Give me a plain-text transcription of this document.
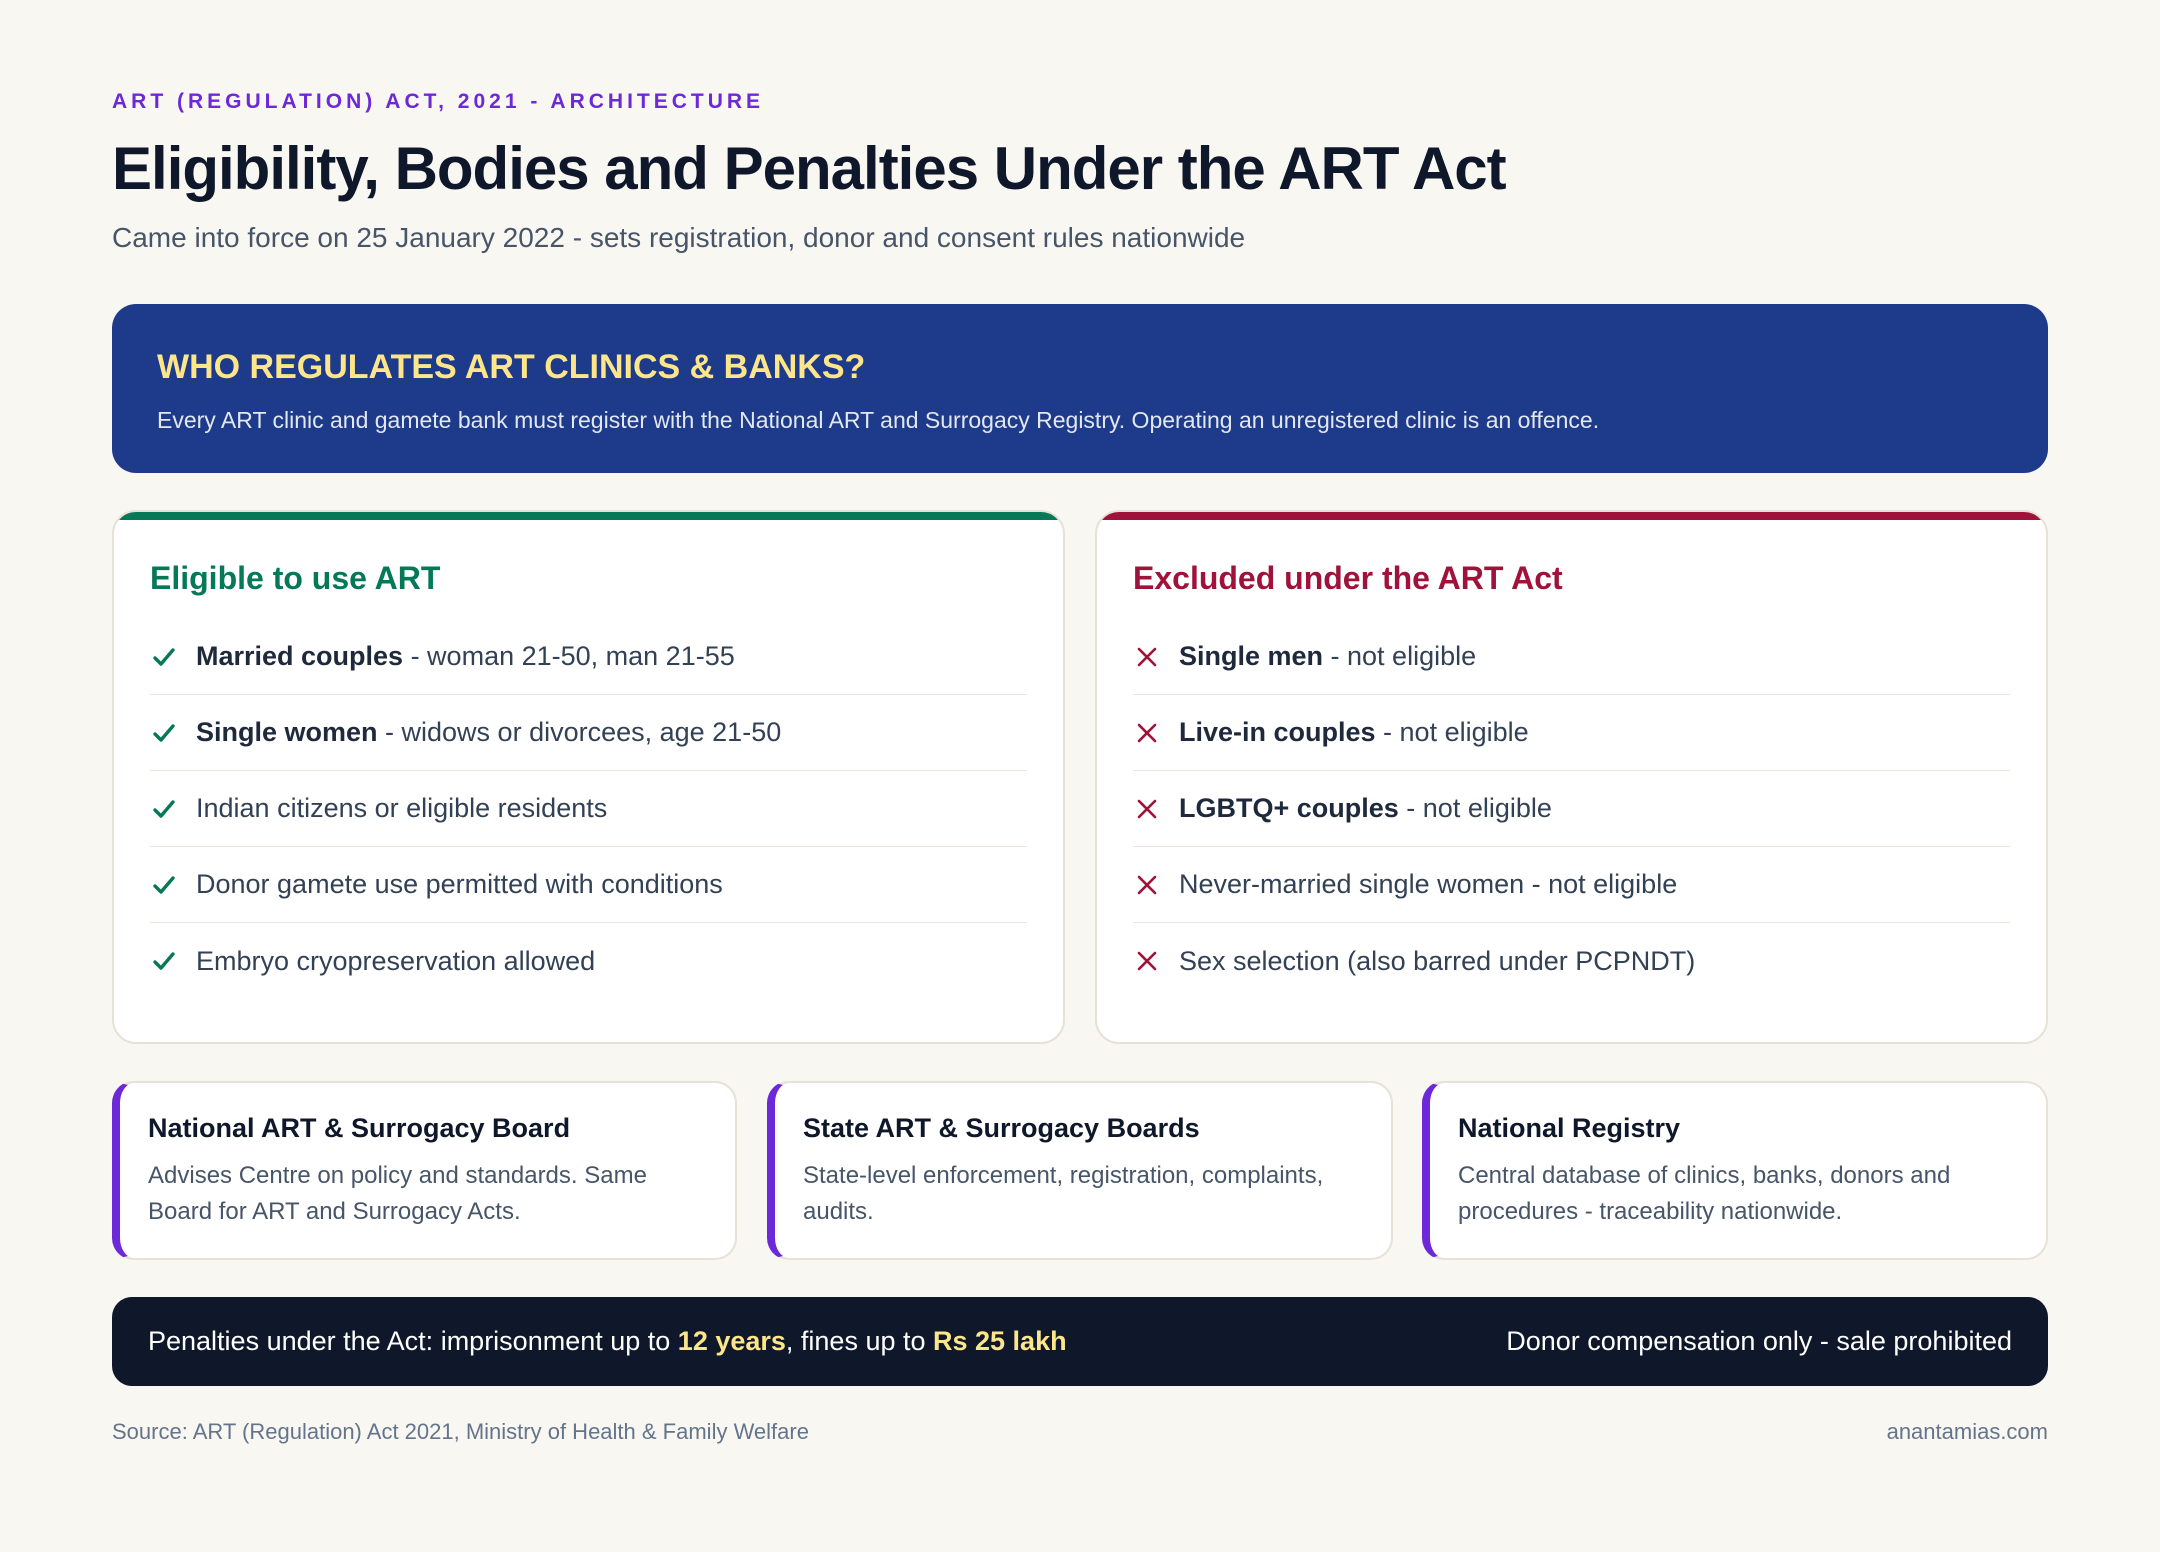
ART (REGULATION) ACT, 2021 - ARCHITECTURE
Eligibility, Bodies and Penalties Under the ART Act
Came into force on 25 January 2022 - sets registration, donor and consent rules nationwide
WHO REGULATES ART CLINICS & BANKS?
Every ART clinic and gamete bank must register with the National ART and Surrogacy Registry. Operating an unregistered clinic is an offence.
Eligible to use ART
Married couples - woman 21-50, man 21-55
Single women - widows or divorcees, age 21-50
Indian citizens or eligible residents
Donor gamete use permitted with conditions
Embryo cryopreservation allowed
Excluded under the ART Act
Single men - not eligible
Live-in couples - not eligible
LGBTQ+ couples - not eligible
Never-married single women - not eligible
Sex selection (also barred under PCPNDT)
National ART & Surrogacy Board
Advises Centre on policy and standards. Same Board for ART and Surrogacy Acts.
State ART & Surrogacy Boards
State-level enforcement, registration, complaints, audits.
National Registry
Central database of clinics, banks, donors and procedures - traceability nationwide.
Penalties under the Act: imprisonment up to 12 years, fines up to Rs 25 lakh	Donor compensation only - sale prohibited
Source: ART (Regulation) Act 2021, Ministry of Health & Family Welfare	anantamias.com
